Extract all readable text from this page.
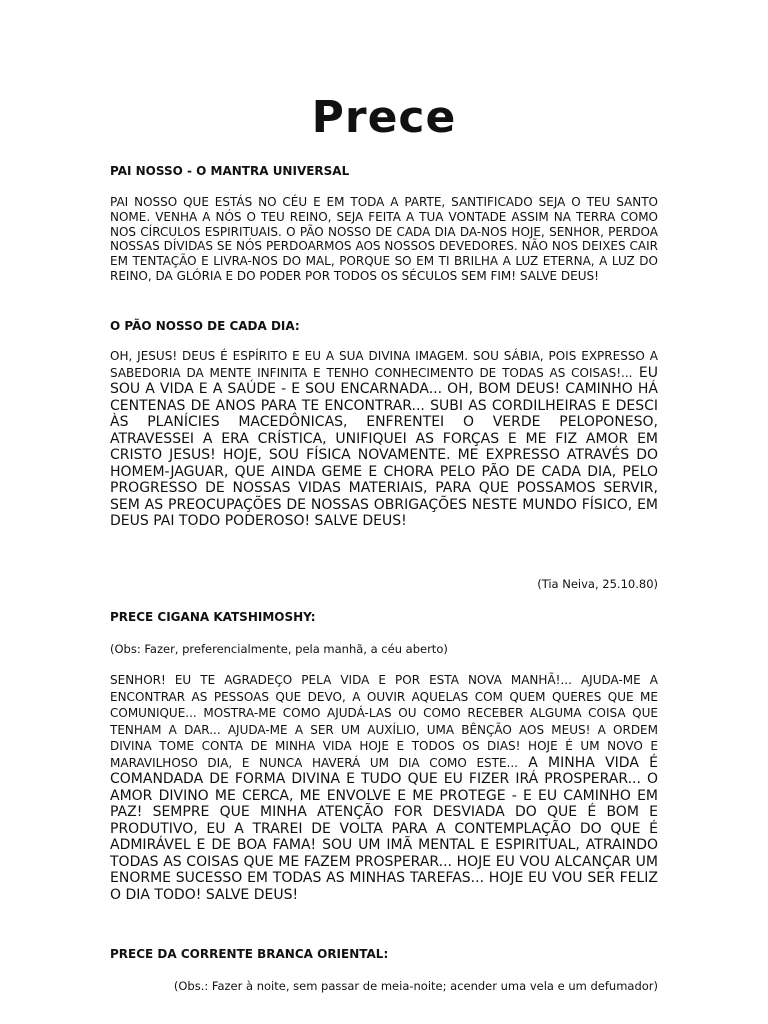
Prece
PAI NOSSO - O MANTRA UNIVERSAL

PAI NOSSO QUE ESTÁS NO CÉU E EM TODA A PARTE, SANTIFICADO SEJA O TEU SANTO NOME. VENHA A NÓS O TEU REINO, SEJA FEITA A TUA VONTADE ASSIM NA TERRA COMO NOS CÍRCULOS ESPIRITUAIS. O PÃO NOSSO DE CADA DIA DA-NOS HOJE, SENHOR, PERDOA NOSSAS DÍVIDAS SE NÓS PERDOARMOS AOS NOSSOS DEVEDORES. NÃO NOS DEIXES CAIR EM TENTAÇÃO E LIVRA-NOS DO MAL, PORQUE SO EM TI BRILHA A LUZ ETERNA, A LUZ DO REINO, DA GLÓRIA E DO PODER POR TODOS OS SÉCULOS SEM FIM! SALVE DEUS!

O PÃO NOSSO DE CADA DIA:

OH, JESUS! DEUS É ESPÍRITO E EU A SUA DIVINA IMAGEM. SOU SÁBIA, POIS EXPRESSO A SABEDORIA DA MENTE INFINITA E TENHO CONHECIMENTO DE TODAS AS COISAS!... EU SOU A VIDA E A SAÚDE - E SOU ENCARNADA... OH, BOM DEUS! CAMINHO HÁ CENTENAS DE ANOS PARA TE ENCONTRAR... SUBI AS CORDILHEIRAS E DESCI ÀS PLANÍCIES MACEDÔNICAS, ENFRENTEI O VERDE PELOPONESO, ATRAVESSEI A ERA CRÍSTICA, UNIFIQUEI AS FORÇAS E ME FIZ AMOR EM CRISTO JESUS! HOJE, SOU FÍSICA NOVAMENTE. ME EXPRESSO ATRAVÉS DO HOMEM-JAGUAR, QUE AINDA GEME E CHORA PELO PÃO DE CADA DIA, PELO PROGRESSO DE NOSSAS VIDAS MATERIAIS, PARA QUE POSSAMOS SERVIR, SEM AS PREOCUPAÇÕES DE NOSSAS OBRIGAÇÕES NESTE MUNDO FÍSICO, EM DEUS PAI TODO PODEROSO! SALVE DEUS!

(Tia Neiva, 25.10.80)
PRECE CIGANA KATSHIMOSHY:
(Obs: Fazer, preferencialmente, pela manhã, a céu aberto)

SENHOR! EU TE AGRADEÇO PELA VIDA E POR ESTA NOVA MANHÃ!... AJUDA-ME A ENCONTRAR AS PESSOAS QUE DEVO, A OUVIR AQUELAS COM QUEM QUERES QUE ME COMUNIQUE... MOSTRA-ME COMO AJUDÁ-LAS OU COMO RECEBER ALGUMA COISA QUE TENHAM A DAR... AJUDA-ME A SER UM AUXÍLIO, UMA BÊNÇÃO AOS MEUS! A ORDEM DIVINA TOME CONTA DE MINHA VIDA HOJE E TODOS OS DIAS! HOJE É UM NOVO E MARAVILHOSO DIA, E NUNCA HAVERÁ UM DIA COMO ESTE... A MINHA VIDA É COMANDADA DE FORMA DIVINA E TUDO QUE EU FIZER IRÁ PROSPERAR... O AMOR DIVINO ME CERCA, ME ENVOLVE E ME PROTEGE - E EU CAMINHO EM PAZ! SEMPRE QUE MINHA ATENÇÃO FOR DESVIADA DO QUE É BOM E PRODUTIVO, EU A TRAREI DE VOLTA PARA A CONTEMPLAÇÃO DO QUE É ADMIRÁVEL E DE BOA FAMA! SOU UM IMÃ MENTAL E ESPIRITUAL, ATRAINDO TODAS AS COISAS QUE ME FAZEM PROSPERAR... HOJE EU VOU ALCANÇAR UM ENORME SUCESSO EM TODAS AS MINHAS TAREFAS... HOJE EU VOU SER FELIZ O DIA TODO! SALVE DEUS!

PRECE DA CORRENTE BRANCA ORIENTAL:
(Obs.: Fazer à noite, sem passar de meia-noite; acender uma vela e um defumador)
